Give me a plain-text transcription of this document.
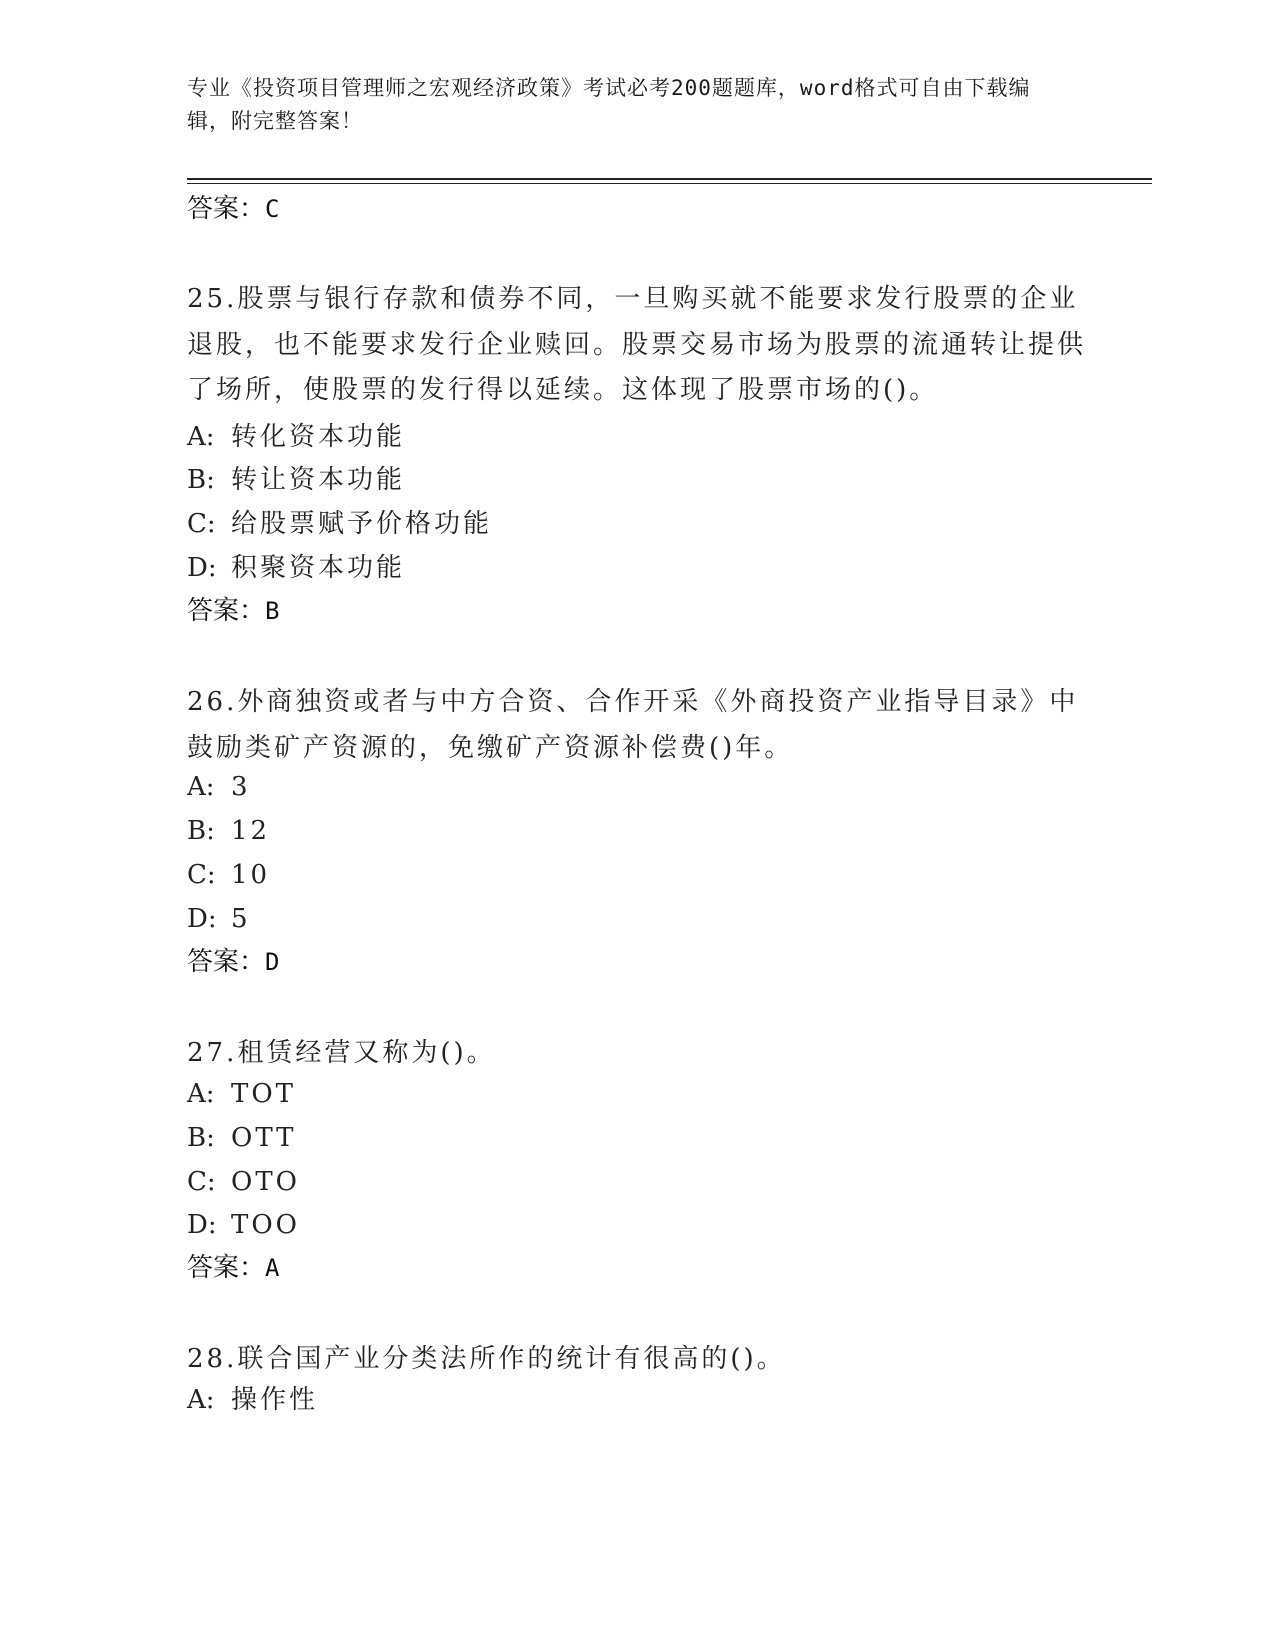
专业《投资项目管理师之宏观经济政策》考试必考200题题库，word格式可自由下载编辑，附完整答案！
答案：C
25.股票与银行存款和债券不同，一旦购买就不能要求发行股票的企业退股，也不能要求发行企业赎回。股票交易市场为股票的流通转让提供了场所，使股票的发行得以延续。这体现了股票市场的()。
A: 转化资本功能
B: 转让资本功能
C: 给股票赋予价格功能
D: 积聚资本功能
答案：B
26.外商独资或者与中方合资、合作开采《外商投资产业指导目录》中鼓励类矿产资源的，免缴矿产资源补偿费()年。
A: 3
B: 12
C: 10
D: 5
答案：D
27.租赁经营又称为()。
A: TOT
B: OTT
C: OTO
D: TOO
答案：A
28.联合国产业分类法所作的统计有很高的()。
A: 操作性
